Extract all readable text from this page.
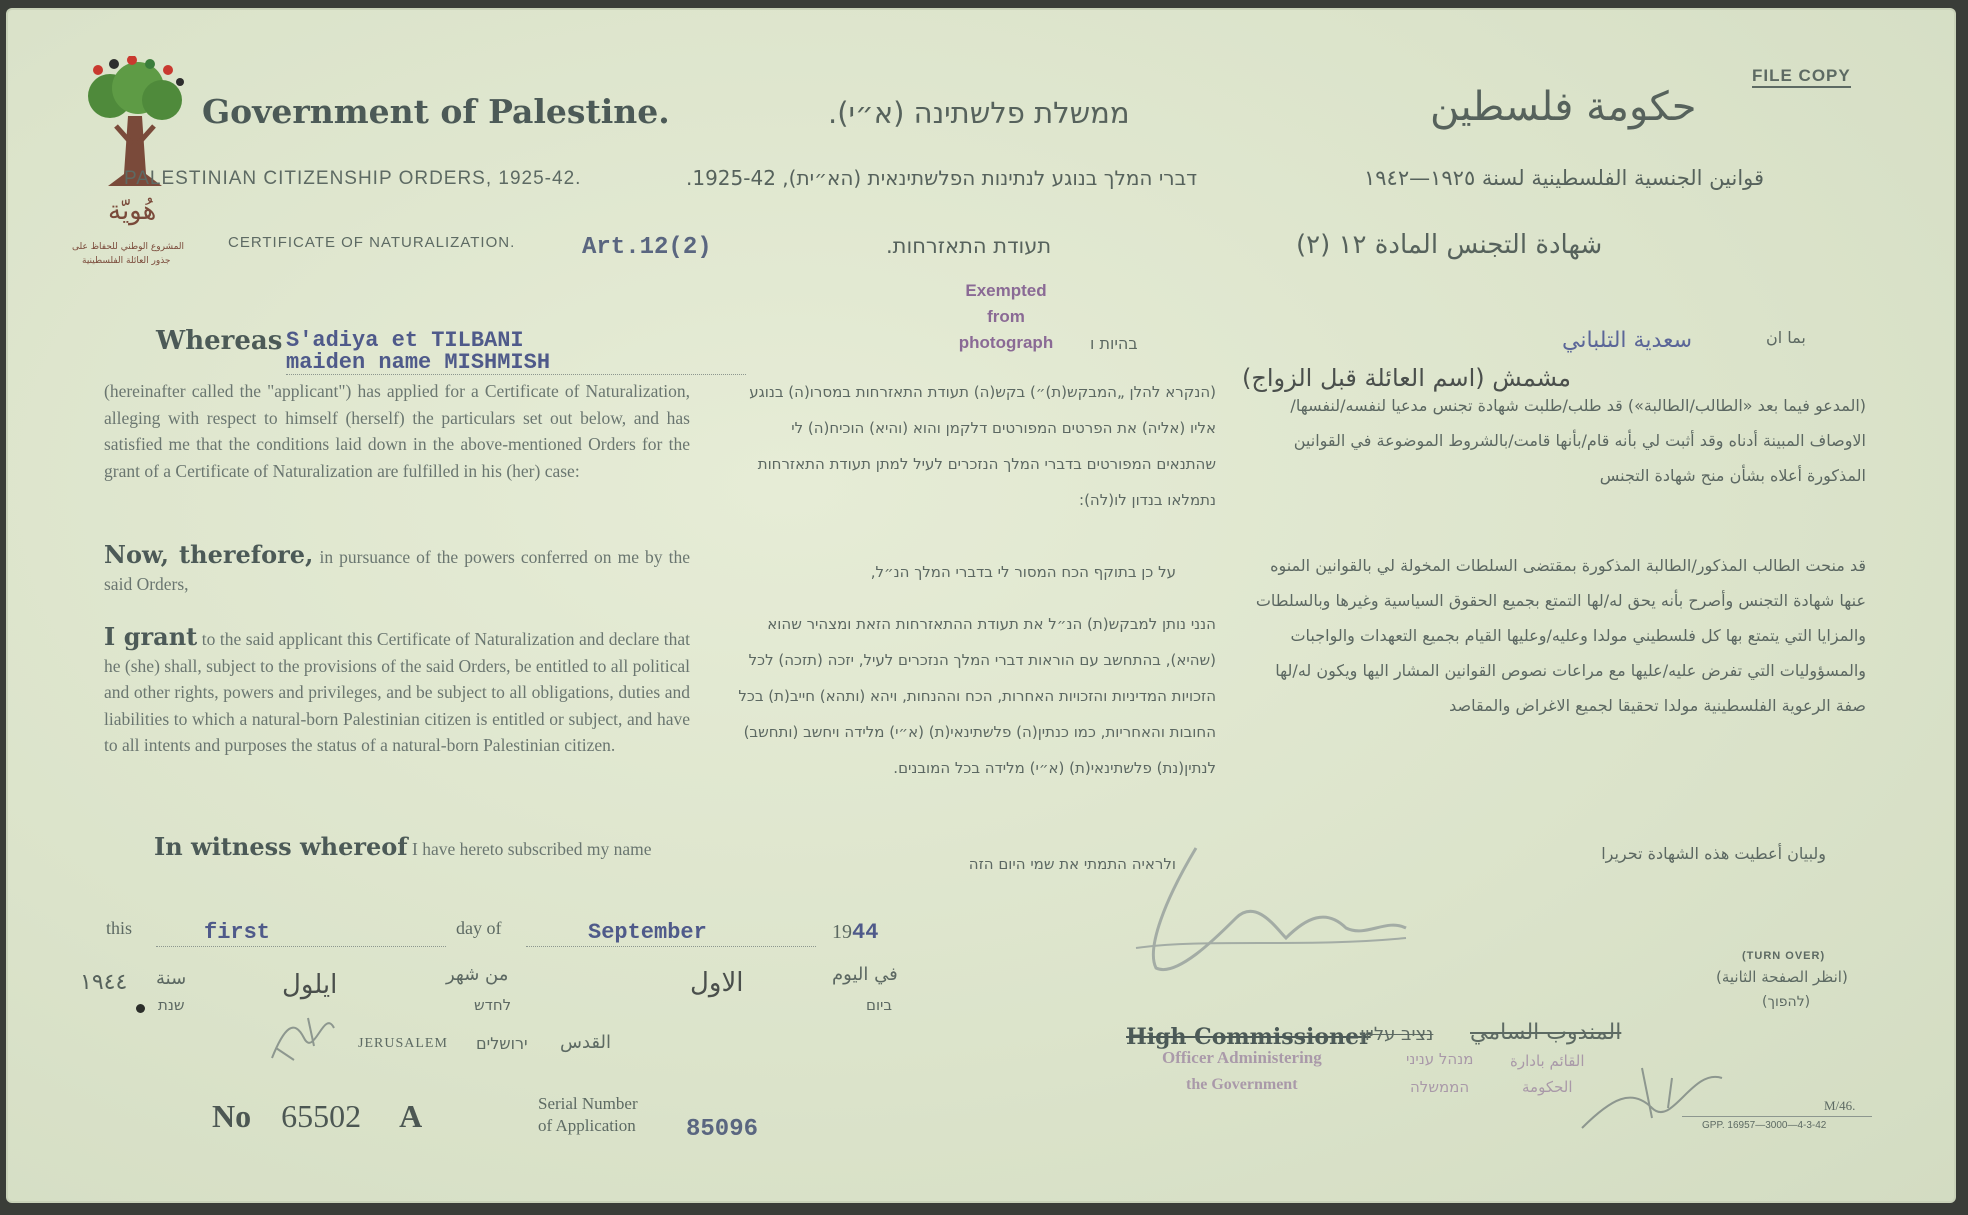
هُويّة
المشروع الوطني للحفاظ على
جذور العائلة الفلسطينية
FILE COPY
Government of Palestine.	ממשלת פלשתינה (א״י).	حكومة فلسطين
PALESTINIAN CITIZENSHIP ORDERS, 1925-42.	דברי המלך בנוגע לנתינות הפלשתינאית (הא״ית), 1925-42.	قوانين الجنسية الفلسطينية لسنة ١٩٢٥—١٩٤٢
CERTIFICATE OF NATURALIZATION.	Art.12(2)	תעודת התאזרחות.	شهادة التجنس المادة ١٢ (٢)
Exempted
from
photograph
Whereas S'adiya et TILBANI
maiden name MISHMISH
בהיות ו	بما ان
سعدية التلباني
(اسم العائلة قبل الزواج) مشمش
(hereinafter called the "applicant") has applied for a Certificate of Naturalization, alleging with respect to himself (herself) the particulars set out below, and has satisfied me that the conditions laid down in the above-mentioned Orders for the grant of a Certificate of Naturalization are fulfilled in his (her) case:
Now, therefore, in pursuance of the powers conferred on me by the said Orders,
I grant to the said applicant this Certificate of Naturalization and declare that he (she) shall, subject to the provisions of the said Orders, be entitled to all political and other rights, powers and privileges, and be subject to all obligations, duties and liabilities to which a natural-born Palestinian citizen is entitled or subject, and have to all intents and purposes the status of a natural-born Palestinian citizen.
In witness whereof I have hereto subscribed my name
(הנקרא להלן „המבקש(ת)״) בקש(ה) תעודת התאזרחות במסרו(ה) בנוגע אליו (אליה) את הפרטים המפורטים דלקמן והוא (והיא) הוכיח(ה) לי שהתנאים המפורטים בדברי המלך הנזכרים לעיל למתן תעודת התאזרחות נתמלאו בנדון לו(לה):
על כן בתוקף הכח המסור לי בדברי המלך הנ״ל,
הנני נותן למבקש(ת) הנ״ל את תעודת ההתאזרחות הזאת ומצהיר שהוא (שהיא), בהתחשב עם הוראות דברי המלך הנזכרים לעיל, יזכה (תזכה) לכל הזכויות המדיניות והזכויות האחרות, הכח וההנחות, ויהא (ותהא) חייב(ת) בכל החובות והאחריות, כמו כנתין(ה) פלשתינאי(ת) (א״י) מלידה ויחשב (ותחשב) לנתין(נת) פלשתינאי(ת) (א״י) מלידה בכל המובנים.
ולראיה התמתי את שמי היום הזה
(المدعو فيما بعد «الطالب/الطالبة») قد طلب/طلبت شهادة تجنس مدعيا لنفسه/لنفسها/الاوصاف المبينة أدناه وقد أثبت لي بأنه قام/بأنها قامت/بالشروط الموضوعة في القوانين المذكورة أعلاه بشأن منح شهادة التجنس
قد منحت الطالب المذكور/الطالبة المذكورة بمقتضى السلطات المخولة لي بالقوانين المنوه عنها شهادة التجنس وأصرح بأنه يحق له/لها التمتع بجميع الحقوق السياسية وغيرها وبالسلطات والمزايا التي يتمتع بها كل فلسطيني مولدا وعليه/وعليها القيام بجميع التعهدات والواجبات والمسؤوليات التي تفرض عليه/عليها مع مراعات نصوص القوانين المشار اليها ويكون له/لها صفة الرعوية الفلسطينية مولدا تحقيقا لجميع الاغراض والمقاصد
ولبيان أعطيت هذه الشهادة تحريرا
this	first	day of	September	1944
في اليوم
ביום
الاول
من شهر
לחדש
ايلول
١٩٤٤ سنة
שנת
JERUSALEM ירושלים القدس
No 65502 A	Serial Number
of Application 85096
High Commissioner
נציב עליון المندوب السامي
Officer Administering
the Government
מנהל עניני
הממשלה
القائم بادارة
الحكومة
(TURN OVER)
(انظر الصفحة الثانية)
(להפוך)
M/46.
GPP. 16957—3000—4-3-42
